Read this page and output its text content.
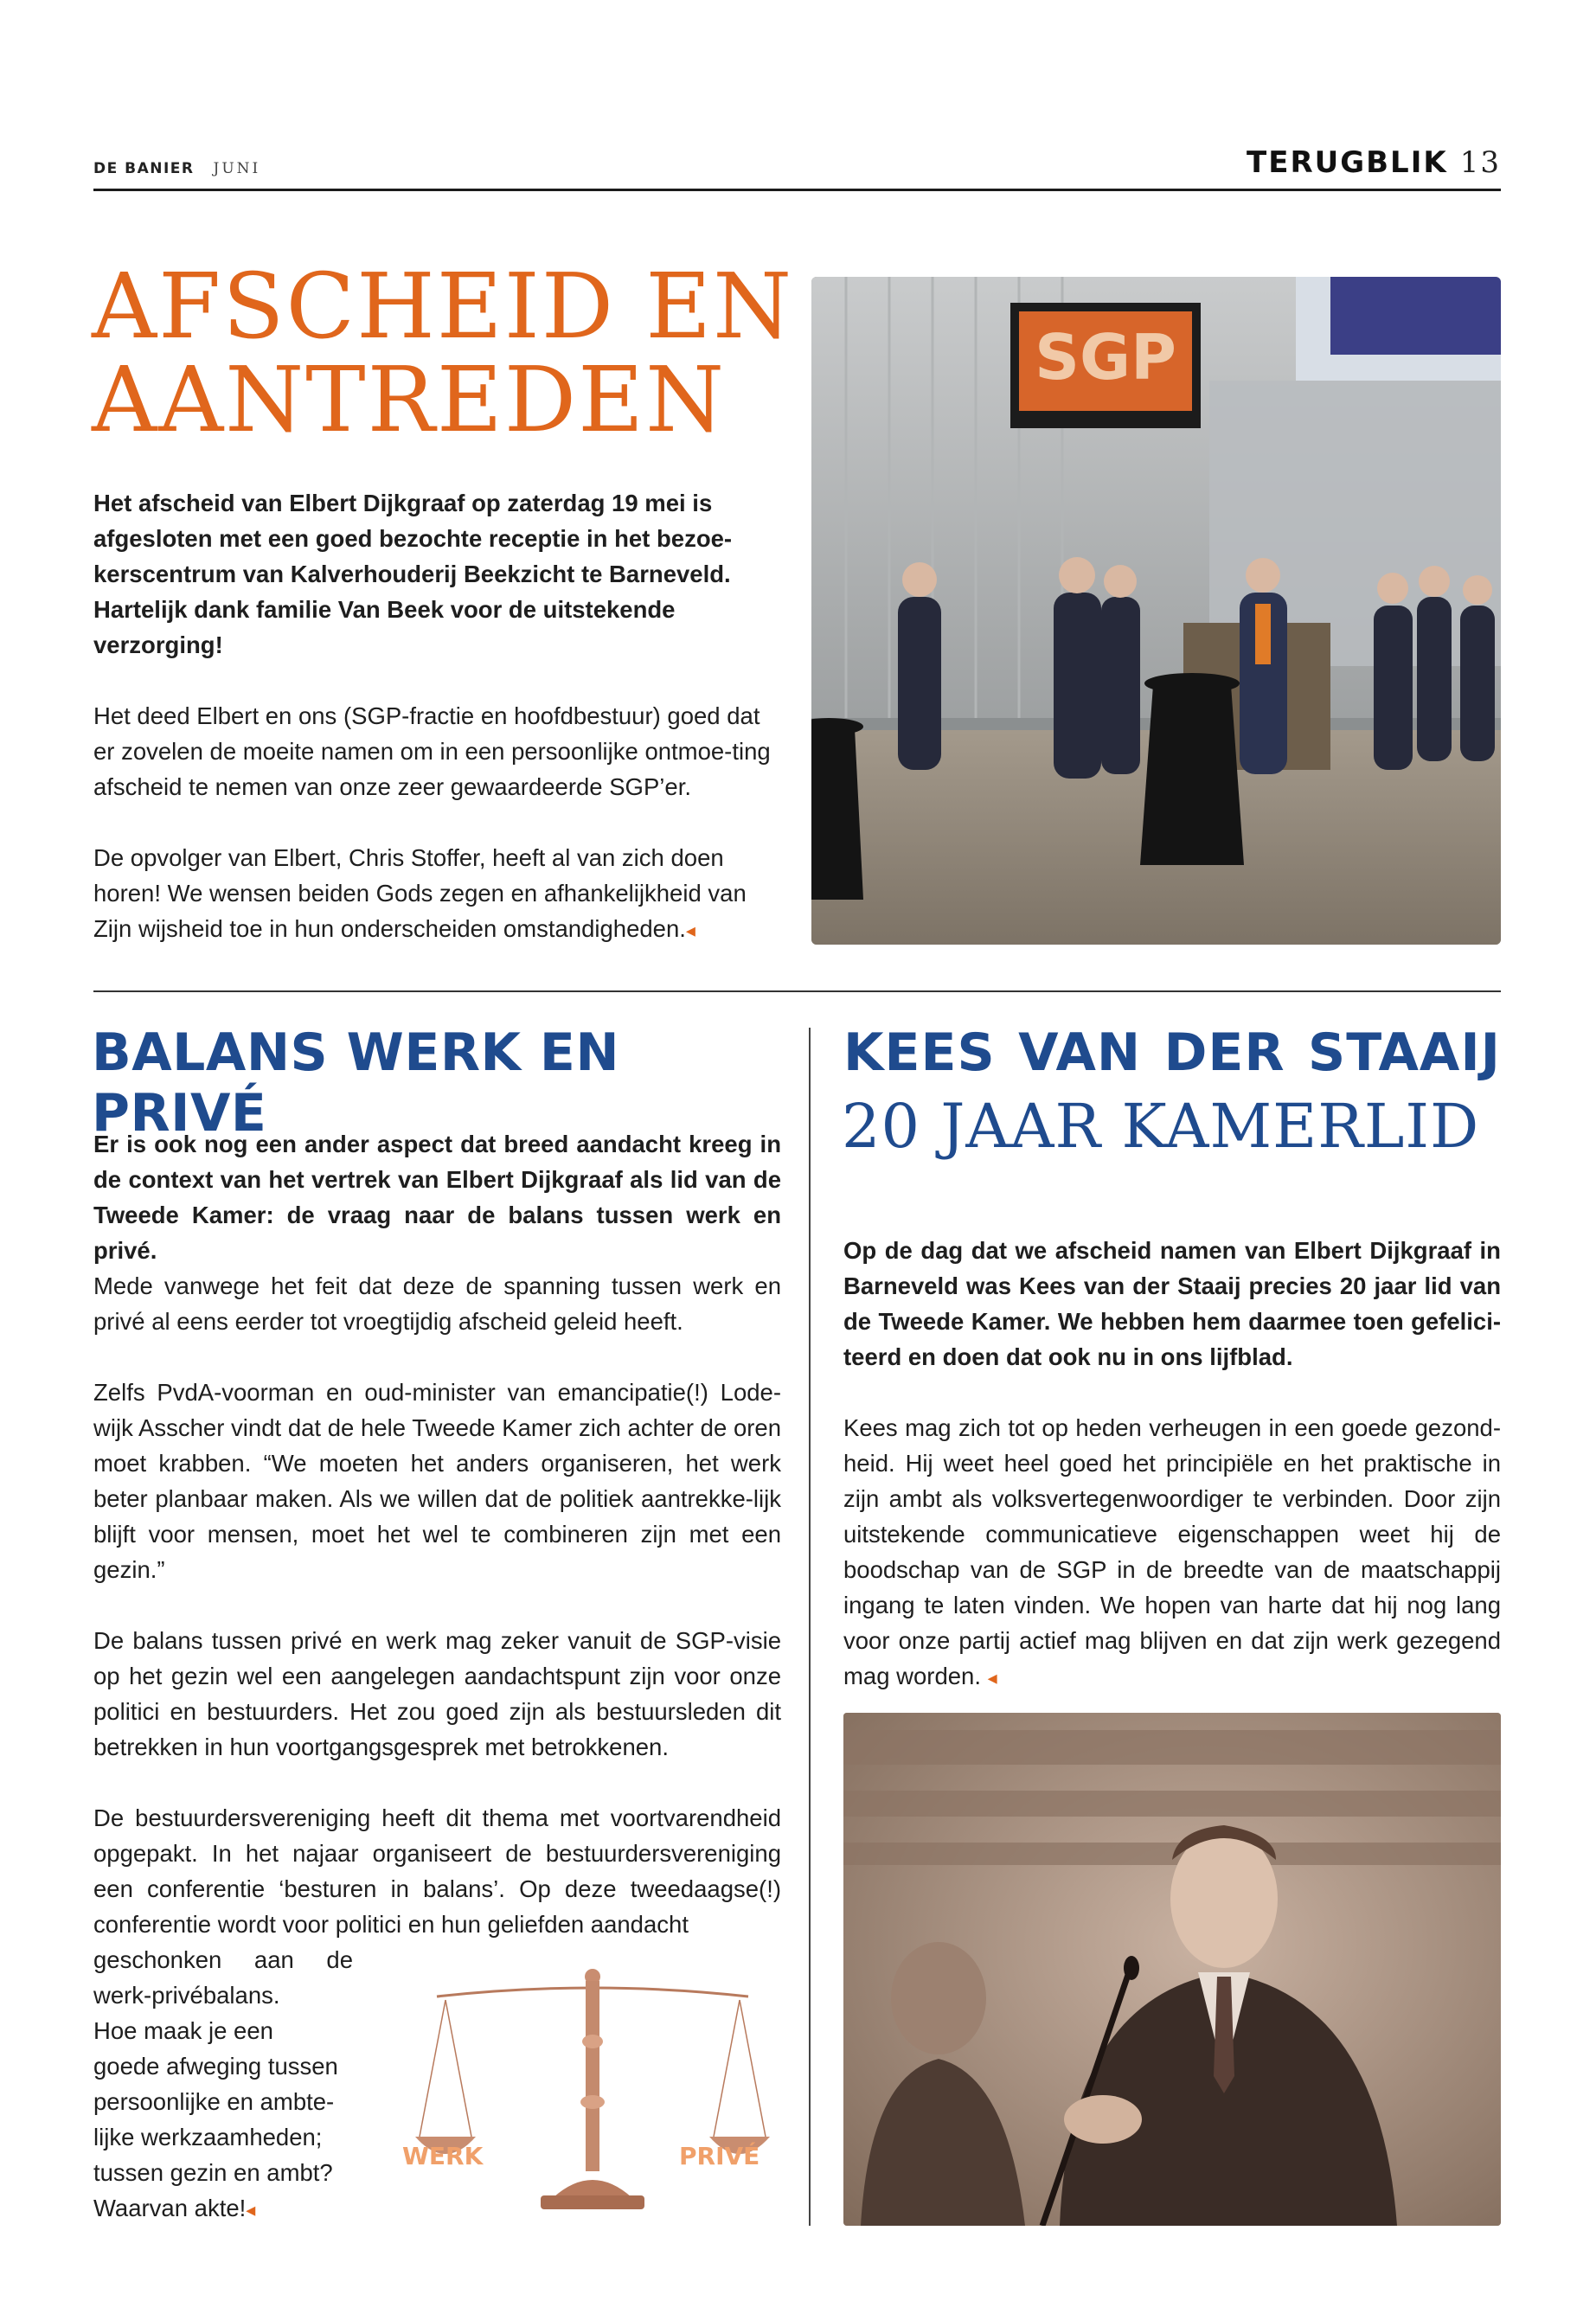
DE BANIER JUNI	TERUGBLIK 13
AFSCHEID EN
AANTREDEN
Het afscheid van Elbert Dijkgraaf op zaterdag 19 mei is afgesloten met een goed bezochte receptie in het bezoe-kerscentrum van Kalverhouderij Beekzicht te Barneveld. Hartelijk dank familie Van Beek voor de uitstekende verzorging!
Het deed Elbert en ons (SGP-fractie en hoofdbestuur) goed dat er zovelen de moeite namen om in een persoonlijke ontmoe-ting afscheid te nemen van onze zeer gewaardeerde SGP’er.
De opvolger van Elbert, Chris Stoffer, heeft al van zich doen horen! We wensen beiden Gods zegen en afhankelijkheid van Zijn wijsheid toe in hun onderscheiden omstandigheden.◂
SGP
BALANS WERK EN PRIVÉ
Er is ook nog een ander aspect dat breed aandacht kreeg in de context van het vertrek van Elbert Dijkgraaf als lid van de Tweede Kamer: de vraag naar de balans tussen werk en privé.
Mede vanwege het feit dat deze de spanning tussen werk en privé al eens eerder tot vroegtijdig afscheid geleid heeft.
Zelfs PvdA-voorman en oud-minister van emancipatie(!) Lode-wijk Asscher vindt dat de hele Tweede Kamer zich achter de oren moet krabben. “We moeten het anders organiseren, het werk beter planbaar maken. Als we willen dat de politiek aantrekke-lijk blijft voor mensen, moet het wel te combineren zijn met een gezin.”
De balans tussen privé en werk mag zeker vanuit de SGP-visie op het gezin wel een aangelegen aandachtspunt zijn voor onze politici en bestuurders. Het zou goed zijn als bestuursleden dit betrekken in hun voortgangsgesprek met betrokkenen.
De bestuurdersvereniging heeft dit thema met voortvarendheid opgepakt. In het najaar organiseert de bestuurdersvereniging een conferentie ‘besturen in balans’. Op deze tweedaagse(!) conferentie wordt voor politici en hun geliefden aandacht
geschonken aan de
werk-privébalans.
Hoe maak je een
goede afweging tussen
persoonlijke en ambte-
lijke werkzaamheden;
tussen gezin en ambt?
Waarvan akte!◂
WERK	PRIVÉ
KEES VAN DER STAAIJ
20 JAAR KAMERLID
Op de dag dat we afscheid namen van Elbert Dijkgraaf in Barneveld was Kees van der Staaij precies 20 jaar lid van de Tweede Kamer. We hebben hem daarmee toen gefelici-teerd en doen dat ook nu in ons lijfblad.
Kees mag zich tot op heden verheugen in een goede gezond-heid. Hij weet heel goed het principiële en het praktische in zijn ambt als volksvertegenwoordiger te verbinden. Door zijn uitstekende communicatieve eigenschappen weet hij de boodschap van de SGP in de breedte van de maatschappij ingang te laten vinden. We hopen van harte dat hij nog lang voor onze partij actief mag blijven en dat zijn werk gezegend mag worden. ◂
